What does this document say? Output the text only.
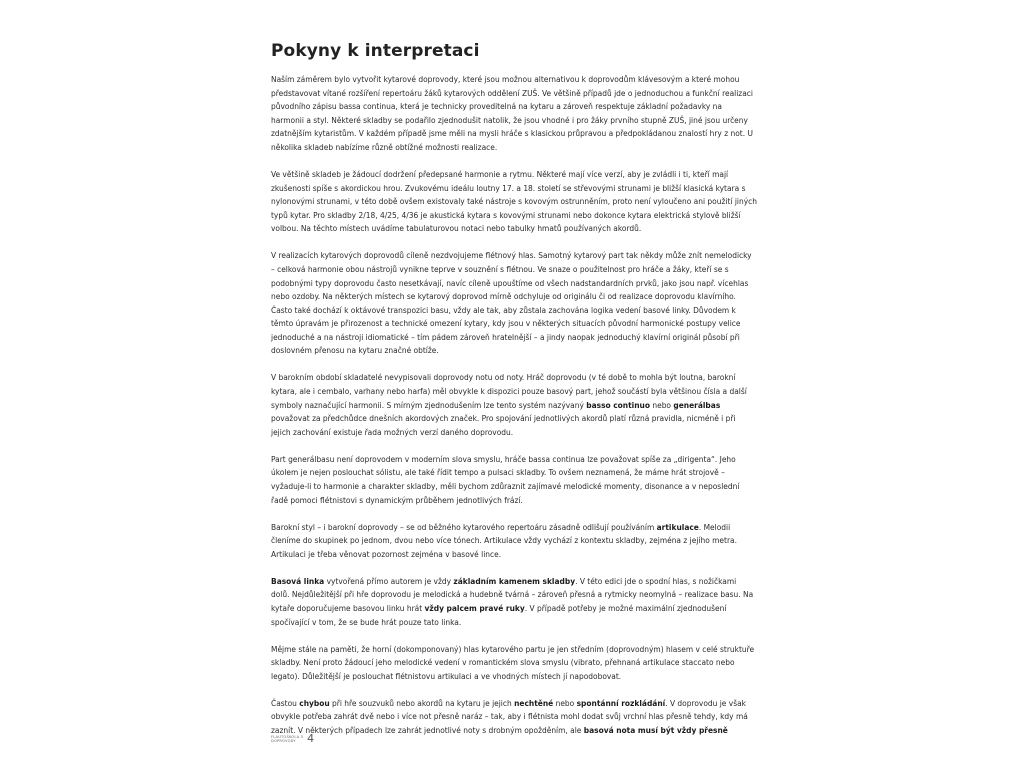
Pokyny k interpretaci

Naším záměrem bylo vytvořit kytarové doprovody, které jsou možnou alternativou k doprovodům klávesovým a které mohou představovat vítané rozšíření repertoáru žáků kytarových oddělení ZUŠ. Ve většině případů jde o jednoduchou a funkční realizaci původního zápisu bassa continua, která je technicky proveditelná na kytaru a zároveň respektuje základní požadavky na harmonii a styl. Některé skladby se podařilo zjednodušit natolik, že jsou vhodné i pro žáky prvního stupně ZUŠ, jiné jsou určeny zdatnějším kytaristům. V každém případě jsme měli na mysli hráče s klasickou průpravou a předpokládanou znalostí hry z not. U několika skladeb nabízíme různě obtížné možnosti realizace.

Ve většině skladeb je žádoucí dodržení předepsané harmonie a rytmu. Některé mají více verzí, aby je zvládli i ti, kteří mají zkušenosti spíše s akordickou hrou. Zvukovému ideálu loutny 17. a 18. století se střevovými strunami je bližší klasická kytara s nylonovými strunami, v této době ovšem existovaly také nástroje s kovovým ostrunněním, proto není vyloučeno ani použití jiných typů kytar. Pro skladby 2/18, 4/25, 4/36 je akustická kytara s kovovými strunami nebo dokonce kytara elektrická stylově bližší volbou. Na těchto místech uvádíme tabulaturovou notaci nebo tabulky hmatů používaných akordů.

V realizacích kytarových doprovodů cíleně nezdvojujeme flétnový hlas. Samotný kytarový part tak někdy může znít nemelodicky – celková harmonie obou nástrojů vynikne teprve v souznění s flétnou. Ve snaze o použitelnost pro hráče a žáky, kteří se s podobnými typy doprovodu často nesetkávají, navíc cíleně upouštíme od všech nadstandardních prvků, jako jsou např. vícehlas nebo ozdoby. Na některých místech se kytarový doprovod mírně odchyluje od originálu či od realizace doprovodu klavírního. Často také dochází k oktávové transpozici basu, vždy ale tak, aby zůstala zachována logika vedení basové linky. Důvodem k těmto úpravám je přirozenost a technické omezení kytary, kdy jsou v některých situacích původní harmonické postupy velice jednoduché a na nástroji idiomatické – tím pádem zároveň hratelnější – a jindy naopak jednoduchý klavírní originál působí při doslovném přenosu na kytaru značné obtíže.

V barokním období skladatelé nevypisovali doprovody notu od noty. Hráč doprovodu (v té době to mohla být loutna, barokní kytara, ale i cembalo, varhany nebo harfa) měl obvykle k dispozici pouze basový part, jehož součástí byla většinou čísla a další symboly naznačující harmonii. S mírným zjednodušením lze tento systém nazývaný basso continuo nebo generálbas považovat za předchůdce dnešních akordových značek. Pro spojování jednotlivých akordů platí různá pravidla, nicméně i při jejich zachování existuje řada možných verzí daného doprovodu.

Part generálbasu není doprovodem v moderním slova smyslu, hráče bassa continua lze považovat spíše za „dirigenta“. Jeho úkolem je nejen poslouchat sólistu, ale také řídit tempo a pulsaci skladby. To ovšem neznamená, že máme hrát strojově – vyžaduje-li to harmonie a charakter skladby, měli bychom zdůraznit zajímavé melodické momenty, disonance a v neposlední řadě pomoci flétnistovi s dynamickým průběhem jednotlivých frází.

Barokní styl – i barokní doprovody – se od běžného kytarového repertoáru zásadně odlišují používáním artikulace. Melodii členíme do skupinek po jednom, dvou nebo více tónech. Artikulace vždy vychází z kontextu skladby, zejména z jejího metra. Artikulaci je třeba věnovat pozornost zejména v basové lince.

Basová linka vytvořená přímo autorem je vždy základním kamenem skladby. V této edici jde o spodní hlas, s nožičkami dolů. Nejdůležitější při hře doprovodu je melodická a hudebně tvárná – zároveň přesná a rytmicky neomylná – realizace basu. Na kytaře doporučujeme basovou linku hrát vždy palcem pravé ruky. V případě potřeby je možné maximální zjednodušení spočívající v tom, že se bude hrát pouze tato linka.

Mějme stále na paměti, že horní (dokomponovaný) hlas kytarového partu je jen středním (doprovodným) hlasem v celé struktuře skladby. Není proto žádoucí jeho melodické vedení v romantickém slova smyslu (vibrato, přehnaná artikulace staccato nebo legato). Důležitější je poslouchat flétnistovu artikulaci a ve vhodných místech jí napodobovat.

Častou chybou při hře souzvuků nebo akordů na kytaru je jejich nechtěné nebo spontánní rozkládání. V doprovodu je však obvykle potřeba zahrát dvě nebo i více not přesně naráz – tak, aby i flétnista mohl dodat svůj vrchní hlas přesně tehdy, kdy má zaznít. V některých případech lze zahrát jednotlivé noty s drobným opožděním, ale basová nota musí být vždy přesně

FLAUTOŠKOLA 3
DOPROVODY	4
